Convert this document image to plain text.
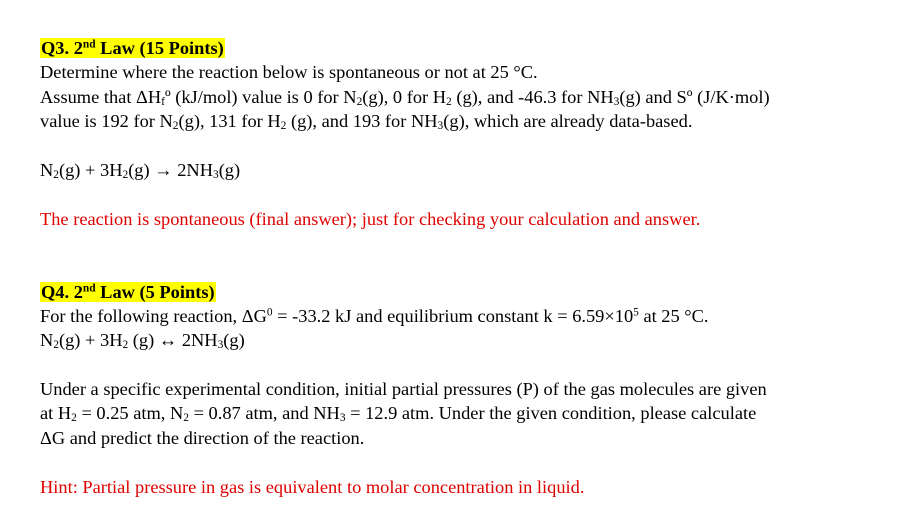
Q3. 2nd Law (15 Points)
Determine where the reaction below is spontaneous or not at 25 °C.
Assume that $\Delta H_fº$ (kJ/mol) value is 0 for $N_2(g)$, 0 for $H_2$ (g), and -46.3 for $NH_3(g)$ and Sº (J/K·mol)
value is 192 for $N_2(g)$, 131 for $H_2$ (g), and 193 for $NH_3(g)$, which are already data-based.
$N_2(g) + 3H_2(g) \to 2NH_3(g)$
The reaction is spontaneous (final answer); just for checking your calculation and answer.
Q4. 2nd Law (5 Points)
For the following reaction, $\Delta G^0 = -33.2$ kJ and equilibrium constant $k = 6.59\times 10^5$ at 25 °C.
$N_2(g) + 3H_2$ (g) ↔ $2NH_3(g)$
Under a specific experimental condition, initial partial pressures (P) of the gas molecules are given
at $H_2 = 0.25$ atm, $N_2 = 0.87$ atm, and $NH_3 = 12.9$ atm. Under the given condition, please calculate
ΔG and predict the direction of the reaction.
Hint: Partial pressure in gas is equivalent to molar concentration in liquid.
